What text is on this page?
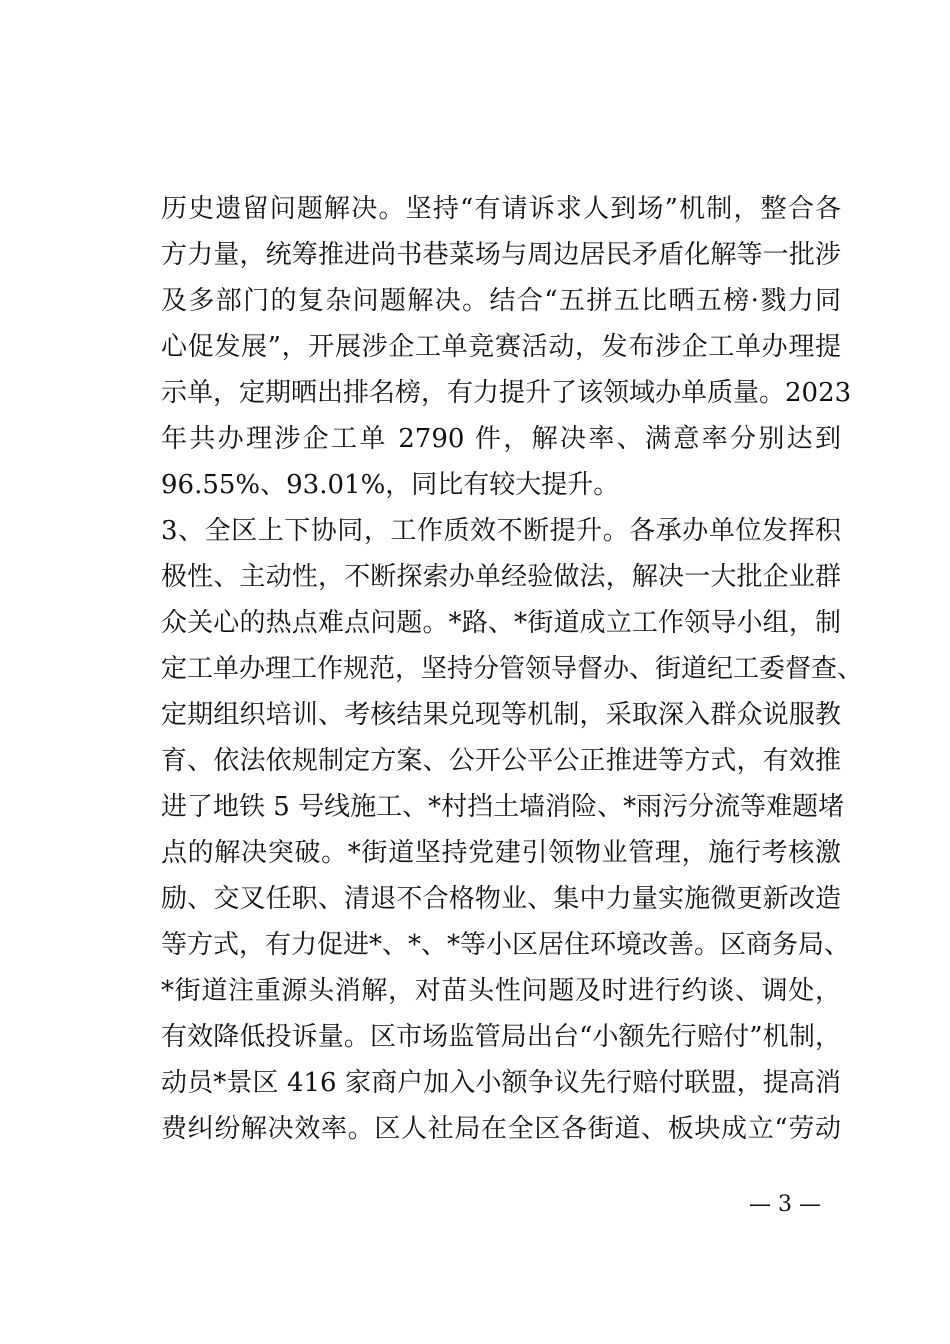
历史遗留问题解决。坚持“有请诉求人到场”机制，整合各
方力量，统筹推进尚书巷菜场与周边居民矛盾化解等一批涉
及多部门的复杂问题解决。结合“五拼五比晒五榜·戮力同
心促发展”，开展涉企工单竞赛活动，发布涉企工单办理提
示单，定期晒出排名榜，有力提升了该领域办单质量。2023
年共办理涉企工单 2790 件，解决率、满意率分别达到
96.55%、93.01%，同比有较大提升。
3、全区上下协同，工作质效不断提升。各承办单位发挥积
极性、主动性，不断探索办单经验做法，解决一大批企业群
众关心的热点难点问题。*路、*街道成立工作领导小组，制
定工单办理工作规范，坚持分管领导督办、街道纪工委督查、
定期组织培训、考核结果兑现等机制，采取深入群众说服教
育、依法依规制定方案、公开公平公正推进等方式，有效推
进了地铁 5 号线施工、*村挡土墙消险、*雨污分流等难题堵
点的解决突破。*街道坚持党建引领物业管理，施行考核激
励、交叉任职、清退不合格物业、集中力量实施微更新改造
等方式，有力促进*、*、*等小区居住环境改善。区商务局、
*街道注重源头消解，对苗头性问题及时进行约谈、调处，
有效降低投诉量。区市场监管局出台“小额先行赔付”机制，
动员*景区 416 家商户加入小额争议先行赔付联盟，提高消
费纠纷解决效率。区人社局在全区各街道、板块成立“劳动
— 3 —
